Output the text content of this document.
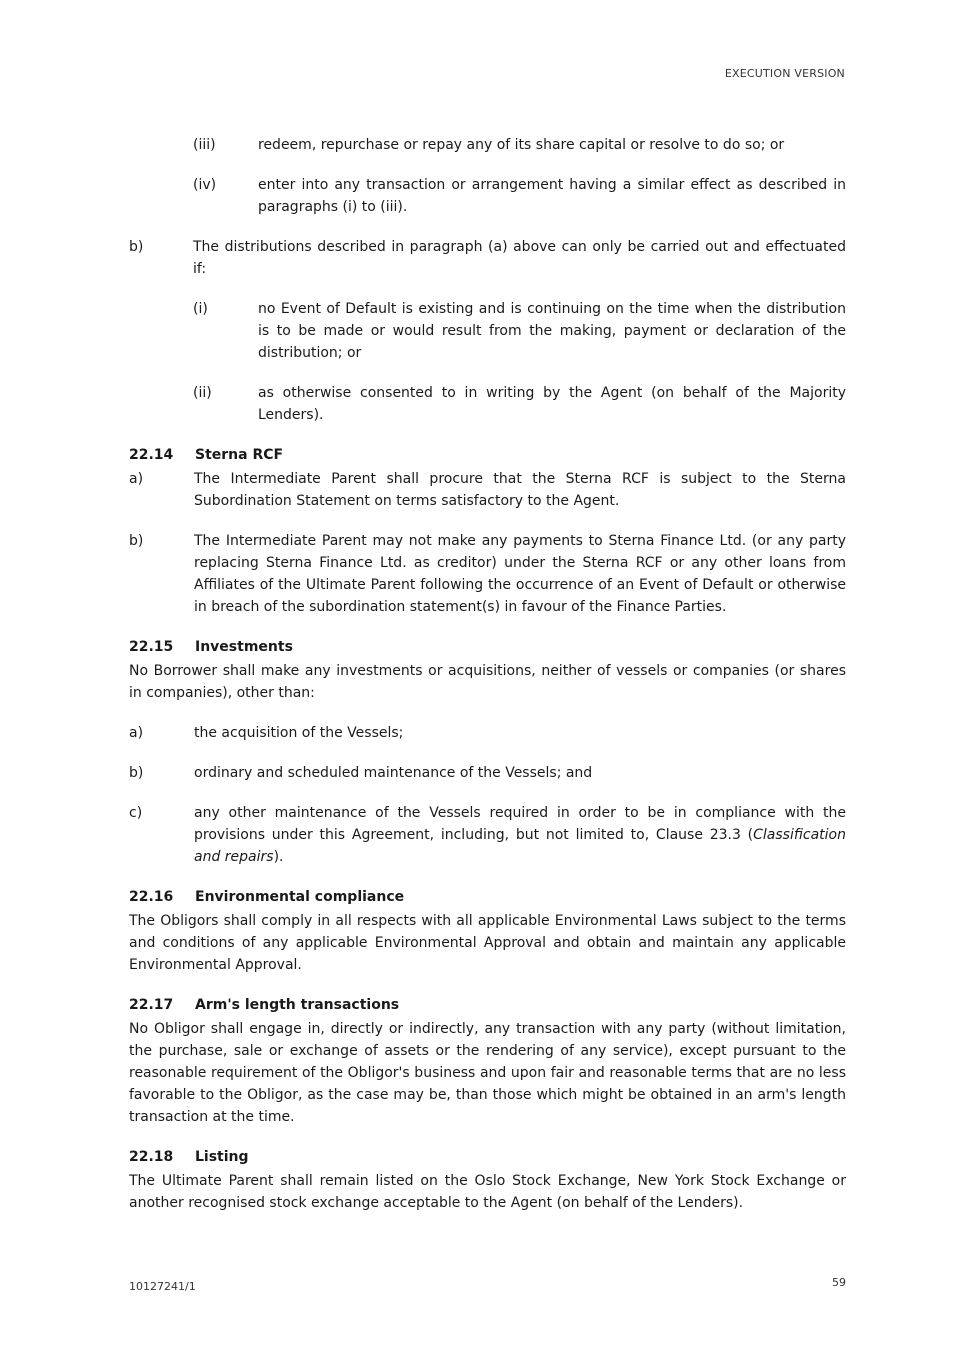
EXECUTION VERSION
(iii)	redeem, repurchase or repay any of its share capital or resolve to do so; or
(iv)	enter into any transaction or arrangement having a similar effect as described in paragraphs (i) to (iii).
b)	The distributions described in paragraph (a) above can only be carried out and effectuated if:
(i)	no Event of Default is existing and is continuing on the time when the distribution is to be made or would result from the making, payment or declaration of the distribution; or
(ii)	as otherwise consented to in writing by the Agent (on behalf of the Majority Lenders).
22.14	Sterna RCF
a)	The Intermediate Parent shall procure that the Sterna RCF is subject to the Sterna Subordination Statement on terms satisfactory to the Agent.
b)	The Intermediate Parent may not make any payments to Sterna Finance Ltd. (or any party replacing Sterna Finance Ltd. as creditor) under the Sterna RCF or any other loans from Affiliates of the Ultimate Parent following the occurrence of an Event of Default or otherwise in breach of the subordination statement(s) in favour of the Finance Parties.
22.15	Investments
No Borrower shall make any investments or acquisitions, neither of vessels or companies (or shares in companies), other than:
a)	the acquisition of the Vessels;
b)	ordinary and scheduled maintenance of the Vessels; and
c)	any other maintenance of the Vessels required in order to be in compliance with the provisions under this Agreement, including, but not limited to, Clause 23.3 (Classification and repairs).
22.16	Environmental compliance
The Obligors shall comply in all respects with all applicable Environmental Laws subject to the terms and conditions of any applicable Environmental Approval and obtain and maintain any applicable Environmental Approval.
22.17	Arm's length transactions
No Obligor shall engage in, directly or indirectly, any transaction with any party (without limitation, the purchase, sale or exchange of assets or the rendering of any service), except pursuant to the reasonable requirement of the Obligor's business and upon fair and reasonable terms that are no less favorable to the Obligor, as the case may be, than those which might be obtained in an arm's length transaction at the time.
22.18	Listing
The Ultimate Parent shall remain listed on the Oslo Stock Exchange, New York Stock Exchange or another recognised stock exchange acceptable to the Agent (on behalf of the Lenders).
10127241/1	59
